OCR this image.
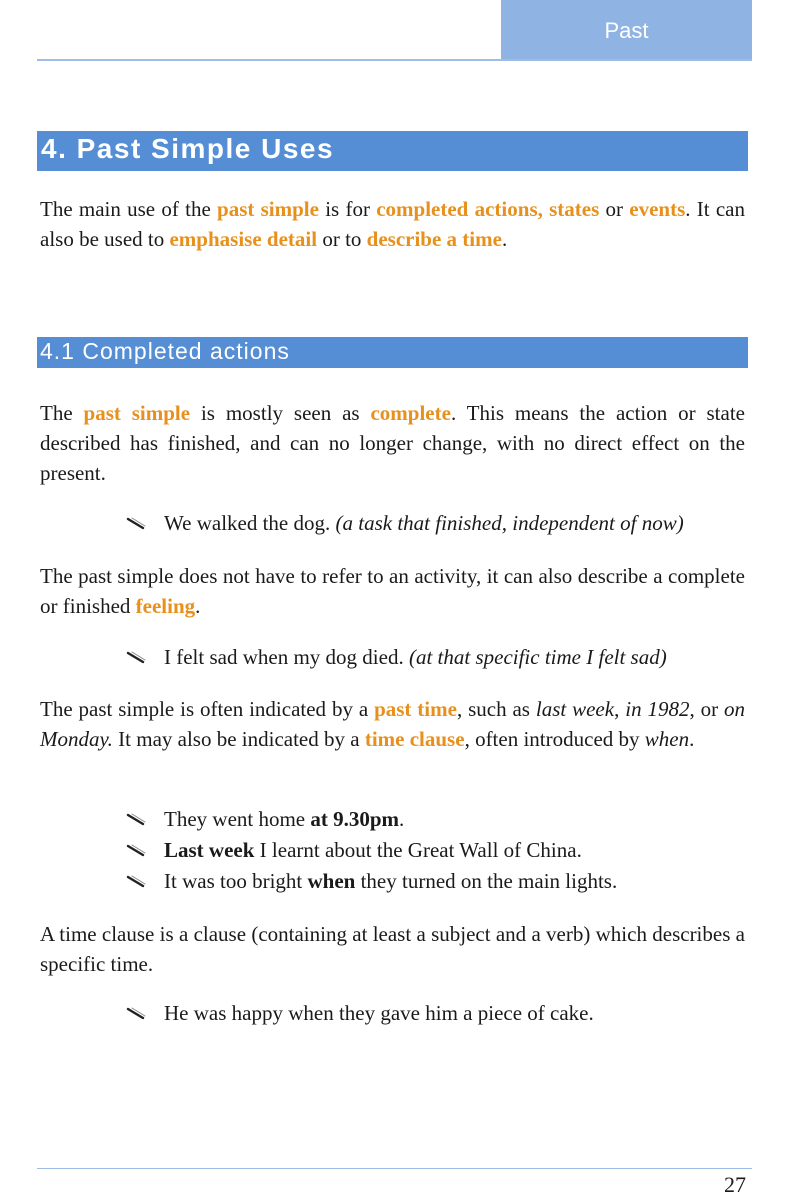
Past
4. Past Simple Uses

The main use of the past simple is for completed actions, states or events. It can also be used to emphasise detail or to describe a time.

4.1 Completed actions

The past simple is mostly seen as complete. This means the action or state described has finished, and can no longer change, with no direct effect on the present.

We walked the dog. (a task that finished, independent of now)

The past simple does not have to refer to an activity, it can also describe a complete or finished feeling.

I felt sad when my dog died. (at that specific time I felt sad)

The past simple is often indicated by a past time, such as last week, in 1982, or on Monday. It may also be indicated by a time clause, often introduced by when.

They went home at 9.30pm.
Last week I learnt about the Great Wall of China.
It was too bright when they turned on the main lights.

A time clause is a clause (containing at least a subject and a verb) which describes a specific time.

He was happy when they gave him a piece of cake.
27
